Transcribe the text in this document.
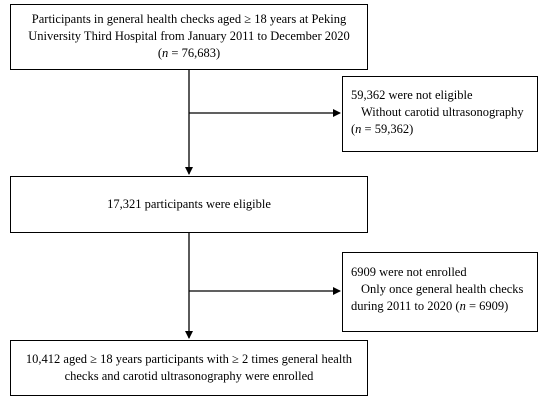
Participants in general health checks aged ≥ 18 years at Peking
University Third Hospital from January 2011 to December 2020
(n = 76,683)
59,362 were not eligible
Without carotid ultrasonography
(n = 59,362)
17,321 participants were eligible
6909 were not enrolled
Only once general health checks
during 2011 to 2020 (n = 6909)
10,412 aged ≥ 18 years participants with ≥ 2 times general health
checks and carotid ultrasonography were enrolled
